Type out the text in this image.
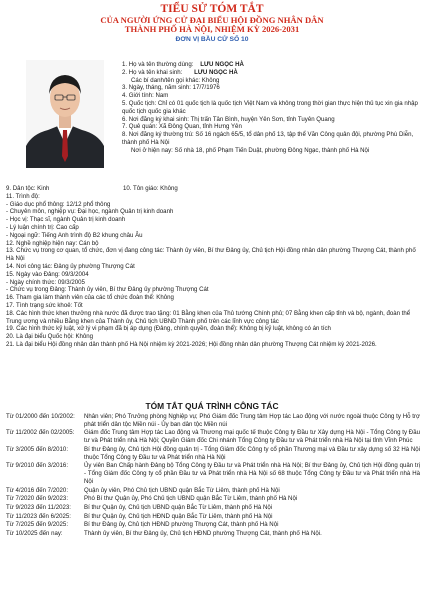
TIỂU SỬ TÓM TẮT
CỦA NGƯỜI ỨNG CỬ ĐẠI BIỂU HỘI ĐỒNG NHÂN DÂN
THÀNH PHỐ HÀ NỘI, NHIỆM KỲ 2026-2031
ĐƠN VỊ BẦU CỬ SỐ 10
1. Họ và tên thường dùng: LƯU NGỌC HÀ
2. Họ và tên khai sinh: LƯU NGỌC HÀ
Các bí danh/tên gọi khác: Không
3. Ngày, tháng, năm sinh: 17/7/1976
4. Giới tính: Nam
5. Quốc tịch: Chỉ có 01 quốc tịch là quốc tịch Việt Nam và không trong thời gian thực hiện thủ tục xin gia nhập quốc tịch quốc gia khác
6. Nơi đăng ký khai sinh: Thị trấn Tân Bình, huyện Yên Sơn, tỉnh Tuyên Quang
7. Quê quán: Xã Đông Quan, tỉnh Hưng Yên
8. Nơi đăng ký thường trú: Số 16 ngách 65/5, tổ dân phố 13, tập thể Văn Công quân đội, phường Phù Diễn, thành phố Hà Nội
Nơi ở hiện nay: Số nhà 18, phố Phạm Tiến Duật, phường Đông Ngạc, thành phố Hà Nội
9. Dân tộc: Kinh	10. Tôn giáo: Không
11. Trình độ:
- Giáo dục phổ thông: 12/12 phổ thông
- Chuyên môn, nghiệp vụ: Đại học, ngành Quản trị kinh doanh
- Học vị: Thạc sĩ, ngành Quản trị kinh doanh
- Lý luận chính trị: Cao cấp
- Ngoại ngữ: Tiếng Anh trình độ B2 khung châu Âu
12. Nghề nghiệp hiện nay: Cán bộ
13. Chức vụ trong cơ quan, tổ chức, đơn vị đang công tác: Thành ủy viên, Bí thư Đảng ủy, Chủ tịch Hội đồng nhân dân phường Thượng Cát, thành phố Hà Nội
14. Nơi công tác: Đảng ủy phường Thượng Cát
15. Ngày vào Đảng: 09/3/2004
- Ngày chính thức: 09/3/2005
- Chức vụ trong Đảng: Thành ủy viên, Bí thư Đảng ủy phường Thượng Cát
16. Tham gia làm thành viên của các tổ chức đoàn thể: Không
17. Tình trạng sức khoẻ: Tốt
18. Các hình thức khen thưởng nhà nước đã được trao tặng: 01 Bằng khen của Thủ tướng Chính phủ; 07 Bằng khen cấp tỉnh và bộ, ngành, đoàn thể Trung ương và nhiều Bằng khen của Thành ủy, Chủ tịch UBND Thành phố trên các lĩnh vực công tác
19. Các hình thức kỷ luật, xử lý vi phạm đã bị áp dụng (Đảng, chính quyền, đoàn thể): Không bị kỷ luật, không có án tích
20. Là đại biểu Quốc hội: Không
21. Là đại biểu Hội đồng nhân dân thành phố Hà Nội nhiệm kỳ 2021-2026; Hội đồng nhân dân phường Thượng Cát nhiệm kỳ 2021-2026.
TÓM TẮT QUÁ TRÌNH CÔNG TÁC
Từ 01/2000 đến 10/2002:	Nhân viên; Phó Trưởng phòng Nghiệp vụ; Phó Giám đốc Trung tâm Hợp tác Lao động với nước ngoài thuộc Công ty Hỗ trợ phát triển dân tộc Miền núi - Ủy ban dân tộc Miền núi
Từ 11/2002 đến 02/2005:	Giám đốc Trung tâm Hợp tác Lao động và Thương mại quốc tế thuộc Công ty Đầu tư Xây dựng Hà Nội - Tổng Công ty Đầu tư và Phát triển nhà Hà Nội; Quyền Giám đốc Chi nhánh Tổng Công ty Đầu tư và Phát triển nhà Hà Nội tại tỉnh Vĩnh Phúc
Từ 3/2005 đến 8/2010:	Bí thư Đảng ủy, Chủ tịch Hội đồng quản trị - Tổng Giám đốc Công ty cổ phần Thương mại và Đầu tư xây dựng số 32 Hà Nội thuộc Tổng Công ty Đầu tư và Phát triển nhà Hà Nội
Từ 9/2010 đến 3/2016:	Ủy viên Ban Chấp hành Đảng bộ Tổng Công ty Đầu tư và Phát triển nhà Hà Nội; Bí thư Đảng ủy, Chủ tịch Hội đồng quản trị - Tổng Giám đốc Công ty cổ phần Đầu tư và Phát triển nhà Hà Nội số 68 thuộc Tổng Công ty Đầu tư và Phát triển nhà Hà Nội
Từ 4/2016 đến 7/2020:	Quận ủy viên, Phó Chủ tịch UBND quận Bắc Từ Liêm, thành phố Hà Nội
Từ 7/2020 đến 9/2023:	Phó Bí thư Quận ủy, Phó Chủ tịch UBND quận Bắc Từ Liêm, thành phố Hà Nội
Từ 9/2023 đến 11/2023:	Bí thư Quận ủy, Chủ tịch UBND quận Bắc Từ Liêm, thành phố Hà Nội
Từ 11/2023 đến 6/2025:	Bí thư Quận ủy, Chủ tịch HĐND quận Bắc Từ Liêm, thành phố Hà Nội
Từ 7/2025 đến 9/2025:	Bí thư Đảng ủy, Chủ tịch HĐND phường Thượng Cát, thành phố Hà Nội
Từ 10/2025 đến nay:	Thành ủy viên, Bí thư Đảng ủy, Chủ tịch HĐND phường Thượng Cát, thành phố Hà Nội.
